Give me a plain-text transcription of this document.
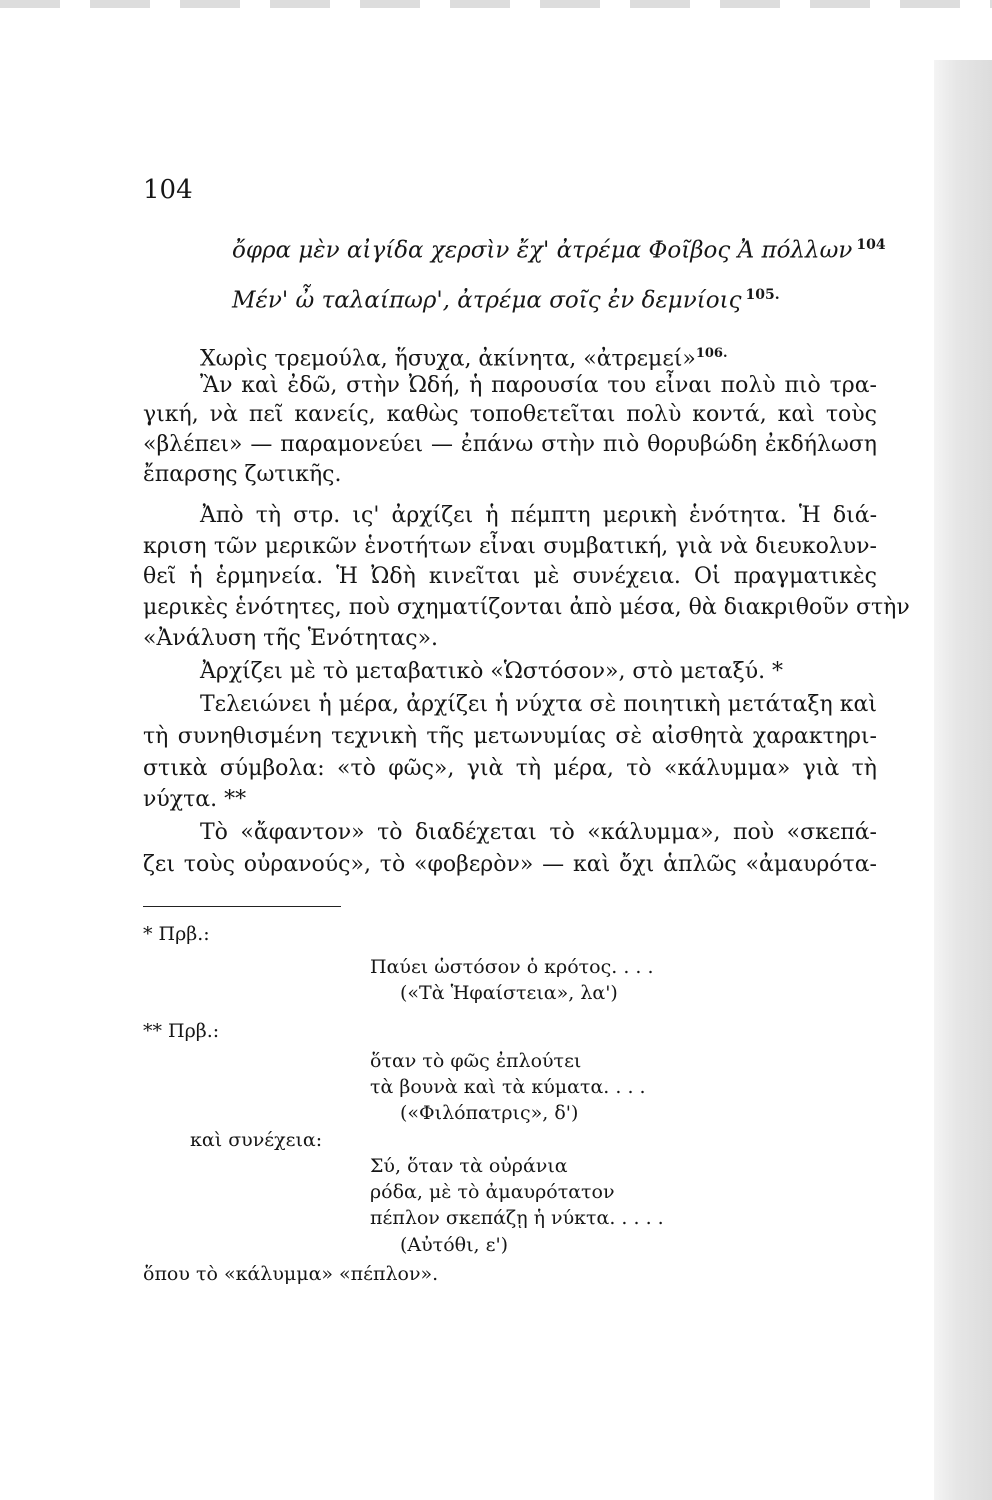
104
ὄφρα μὲν αἰγίδα χερσὶν ἔχ' ἀτρέμα Φοῖβος Ἀ πόλλων $^{104}$
Μέν' ὦ ταλαίπωρ', ἀτρέμα σοῖς ἐν δεμνίοις $^{105.}$
Χωρὶς τρεμούλα, ἥσυχα, ἀκίνητα, «ἀτρεμεί»$^{106.}$
Ἂν καὶ ἐδῶ, στὴν Ὠδή, ἡ παρουσία του εἶναι πολὺ πιὸ τρα-
γική, νὰ πεῖ κανείς, καθὼς τοποθετεῖται πολὺ κοντά, καὶ τοὺς
«βλέπει» — παραμονεύει — ἐπάνω στὴν πιὸ θορυβώδη ἐκδήλωση
ἔπαρσης ζωτικῆς.
Ἀπὸ τὴ στρ. ις' ἀρχίζει ἡ πέμπτη μερικὴ ἑνότητα. Ἡ διά-
κριση τῶν μερικῶν ἑνοτήτων εἶναι συμβατική, γιὰ νὰ διευκολυν-
θεῖ ἡ ἑρμηνεία. Ἡ Ὠδὴ κινεῖται μὲ συνέχεια. Οἱ πραγματικὲς
μερικὲς ἑνότητες, ποὺ σχηματίζονται ἀπὸ μέσα, θὰ διακριθοῦν στὴν
«Ἀνάλυση τῆς Ἑνότητας».
Ἀρχίζει μὲ τὸ μεταβατικὸ «Ὡστόσον», στὸ μεταξύ. *
Τελειώνει ἡ μέρα, ἀρχίζει ἡ νύχτα σὲ ποιητικὴ μετάταξη καὶ
τὴ συνηθισμένη τεχνικὴ τῆς μετωνυμίας σὲ αἰσθητὰ χαρακτηρι-
στικὰ σύμβολα: «τὸ φῶς», γιὰ τὴ μέρα, τὸ «κάλυμμα» γιὰ τὴ
νύχτα. **
Τὸ «ἄφαντον» τὸ διαδέχεται τὸ «κάλυμμα», ποὺ «σκεπά-
ζει τοὺς οὐρανούς», τὸ «φοβερὸν» — καὶ ὄχι ἁπλῶς «ἀμαυρότα-
* Πρβ.:
Παύει ὡστόσον ὁ κρότος. . . .
(«Τὰ Ἡφαίστεια», λα')
** Πρβ.:
ὅταν τὸ φῶς ἐπλούτει
τὰ βουνὰ καὶ τὰ κύματα. . . .
(«Φιλόπατρις», δ')
καὶ συνέχεια:
Σύ, ὅταν τὰ οὐράνια
ρόδα, μὲ τὸ ἀμαυρότατον
πέπλον σκεπάζῃ ἡ νύκτα. . . . .
(Αὐτόθι, ε')
ὅπου τὸ «κάλυμμα» «πέπλον».
